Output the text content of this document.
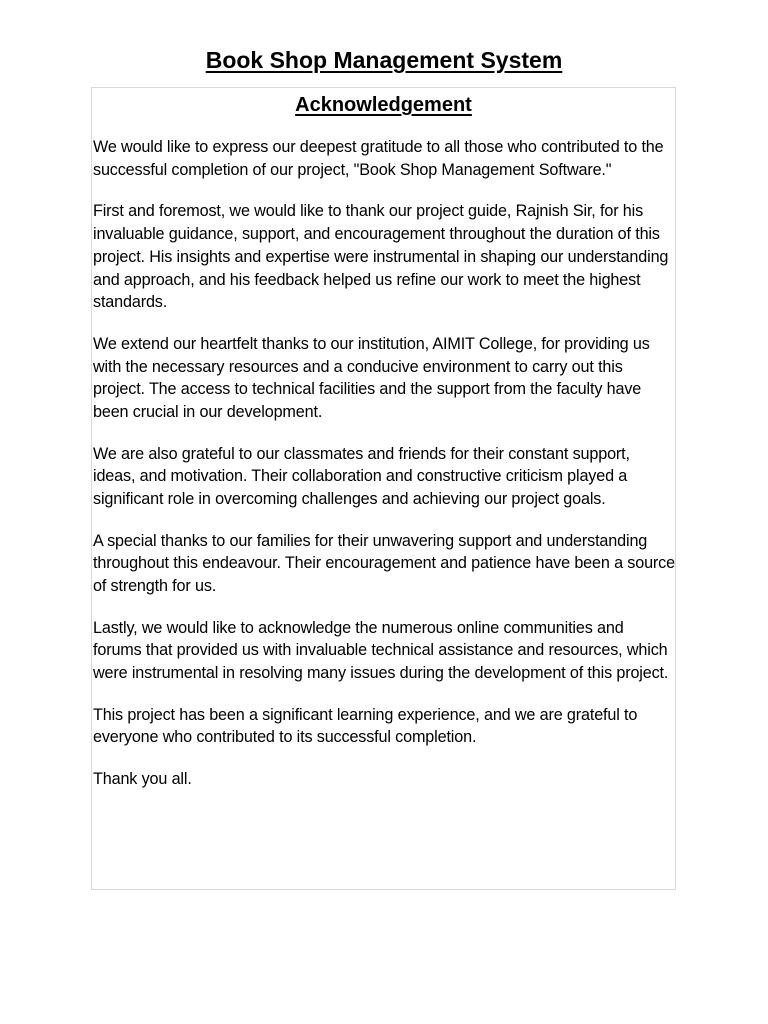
Book Shop Management System
Acknowledgement

We would like to express our deepest gratitude to all those who contributed to the successful completion of our project, "Book Shop Management Software."

First and foremost, we would like to thank our project guide, Rajnish Sir, for his invaluable guidance, support, and encouragement throughout the duration of this project. His insights and expertise were instrumental in shaping our understanding and approach, and his feedback helped us refine our work to meet the highest standards.

We extend our heartfelt thanks to our institution, AIMIT College, for providing us with the necessary resources and a conducive environment to carry out this project. The access to technical facilities and the support from the faculty have been crucial in our development.

We are also grateful to our classmates and friends for their constant support, ideas, and motivation. Their collaboration and constructive criticism played a significant role in overcoming challenges and achieving our project goals.

A special thanks to our families for their unwavering support and understanding throughout this endeavour. Their encouragement and patience have been a source of strength for us.

Lastly, we would like to acknowledge the numerous online communities and forums that provided us with invaluable technical assistance and resources, which were instrumental in resolving many issues during the development of this project.

This project has been a significant learning experience, and we are grateful to everyone who contributed to its successful completion.

Thank you all.
